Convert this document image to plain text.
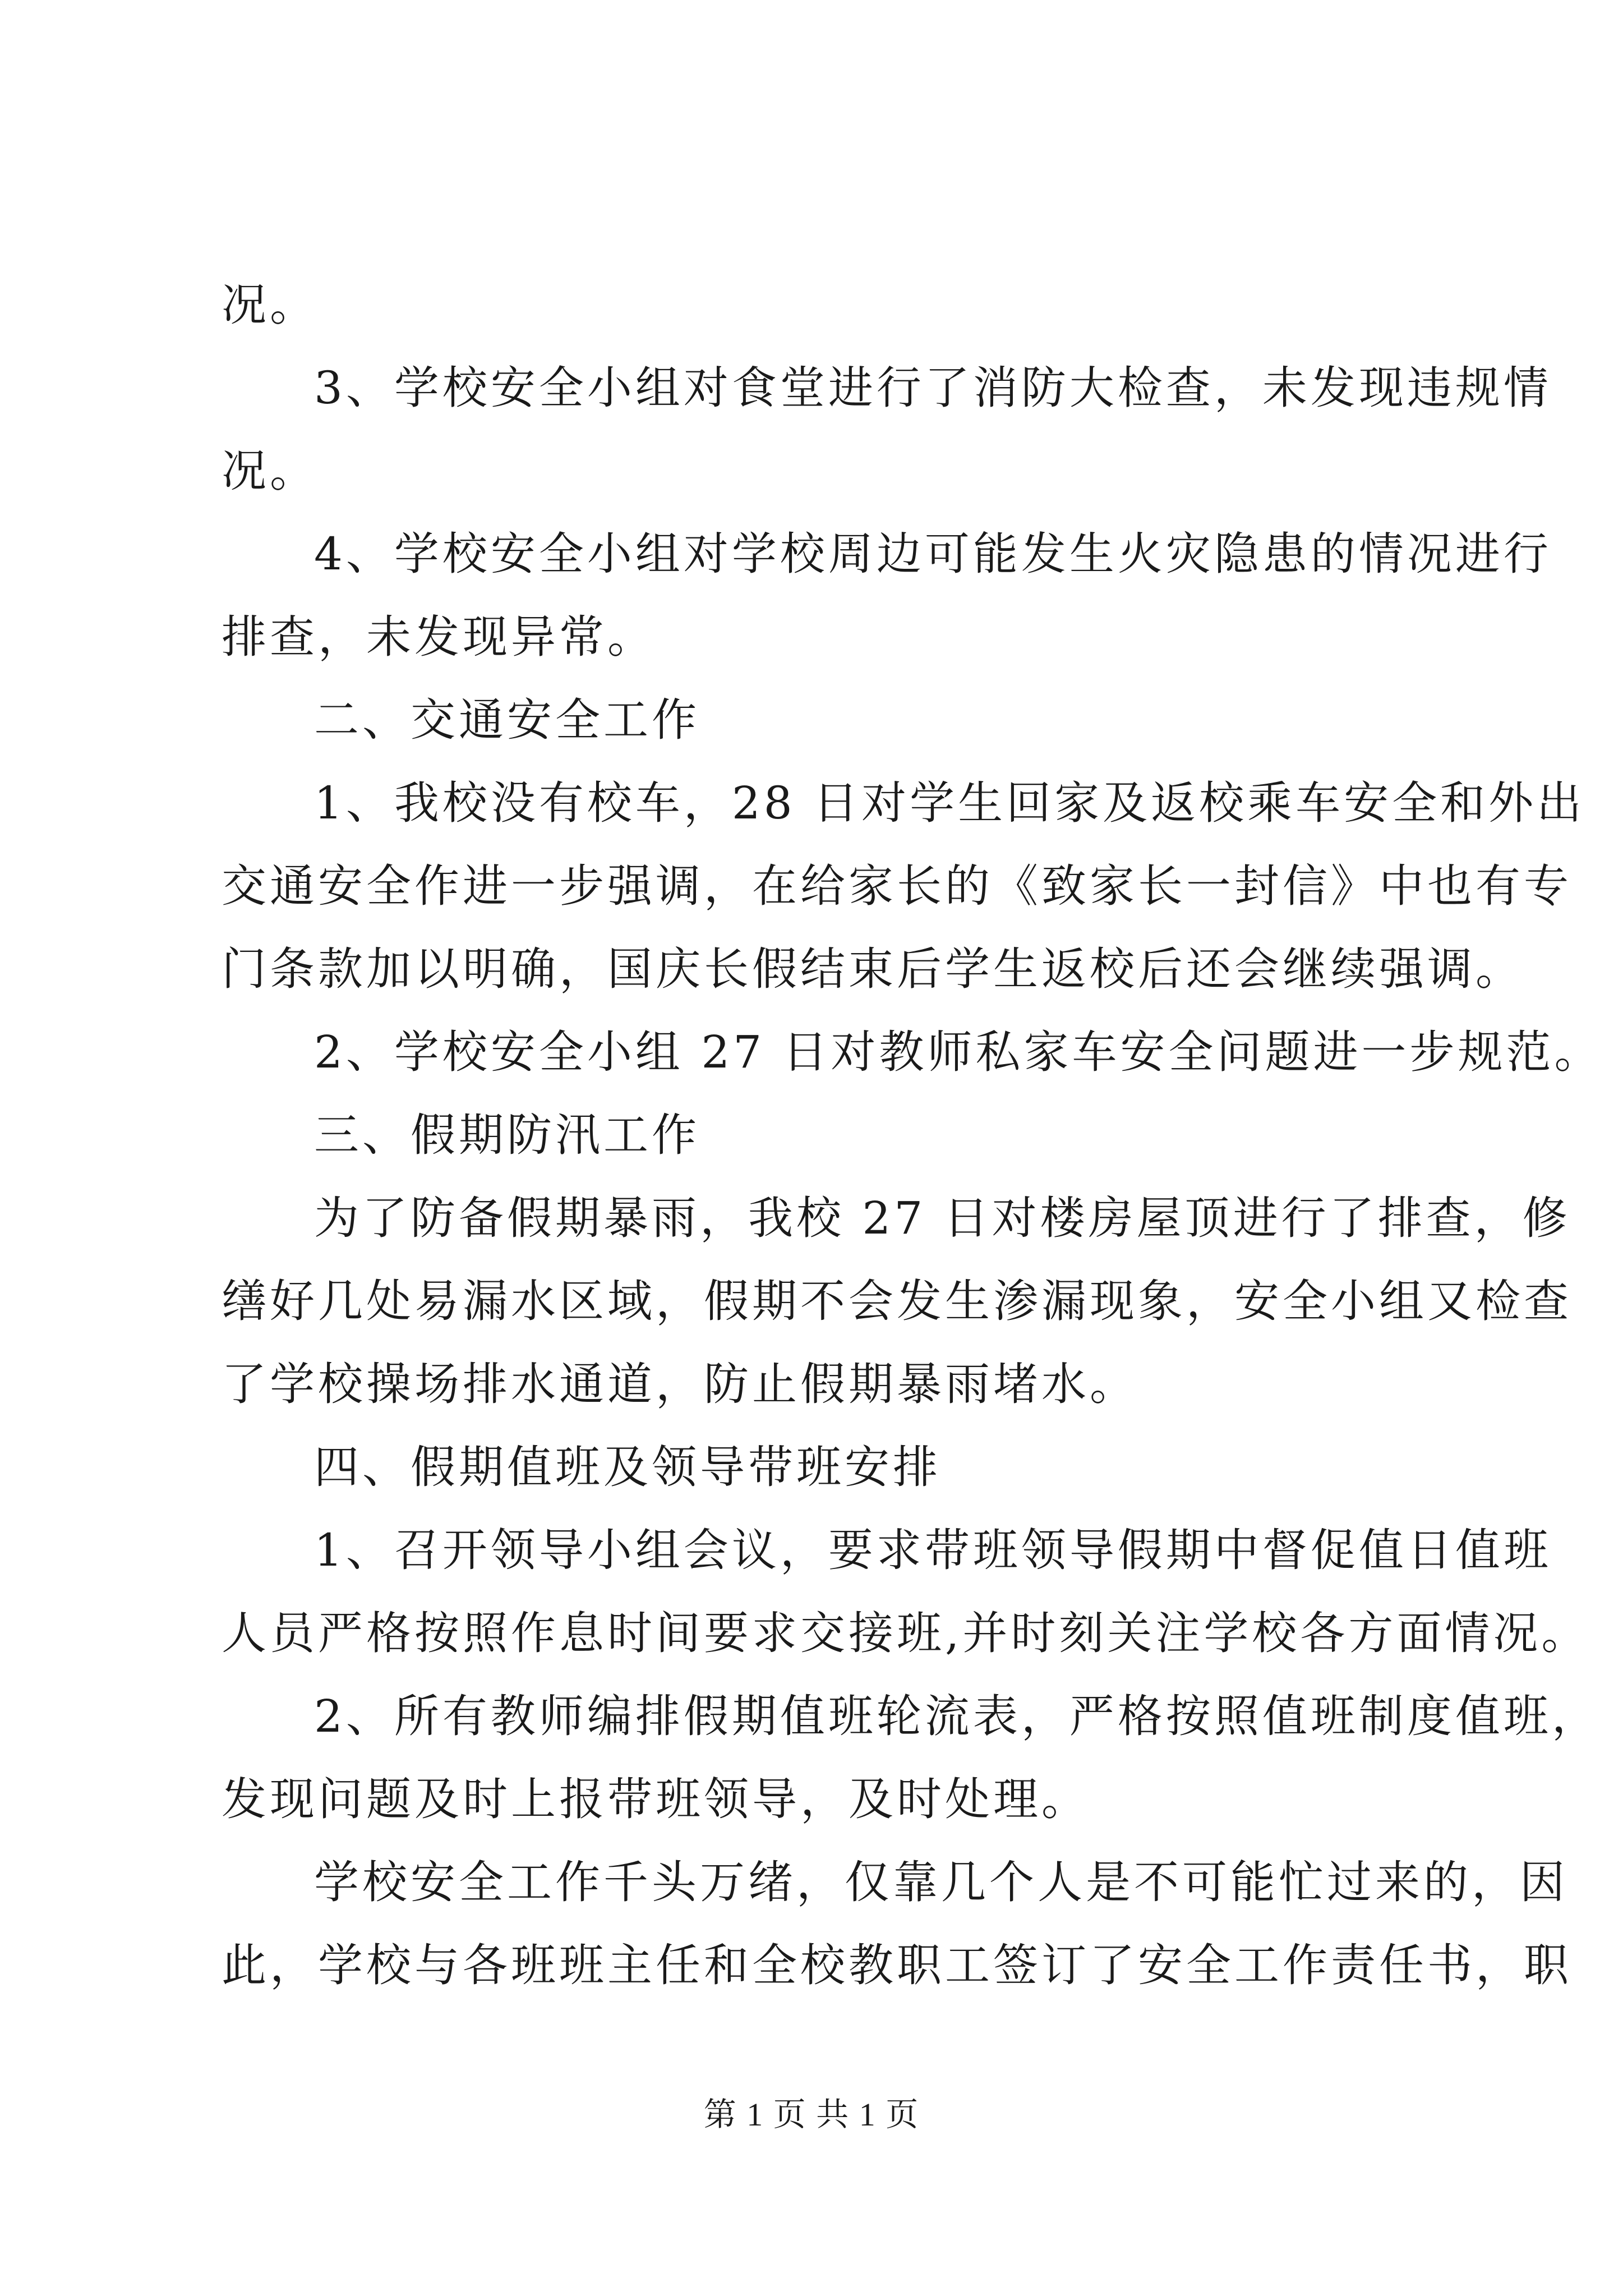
况。

3、学校安全小组对食堂进行了消防大检查，未发现违规情

况。

4、学校安全小组对学校周边可能发生火灾隐患的情况进行

排查，未发现异常。

二、交通安全工作

1、我校没有校车，28 日对学生回家及返校乘车安全和外出

交通安全作进一步强调，在给家长的《致家长一封信》中也有专

门条款加以明确，国庆长假结束后学生返校后还会继续强调。

2、学校安全小组 27 日对教师私家车安全问题进一步规范。

三、假期防汛工作

为了防备假期暴雨，我校 27 日对楼房屋顶进行了排查，修

缮好几处易漏水区域，假期不会发生渗漏现象，安全小组又检查

了学校操场排水通道，防止假期暴雨堵水。

四、假期值班及领导带班安排

1、召开领导小组会议，要求带班领导假期中督促值日值班

人员严格按照作息时间要求交接班,并时刻关注学校各方面情况。

2、所有教师编排假期值班轮流表，严格按照值班制度值班，

发现问题及时上报带班领导，及时处理。

学校安全工作千头万绪，仅靠几个人是不可能忙过来的，因

此，学校与各班班主任和全校教职工签订了安全工作责任书，职

第 1 页 共 1 页
